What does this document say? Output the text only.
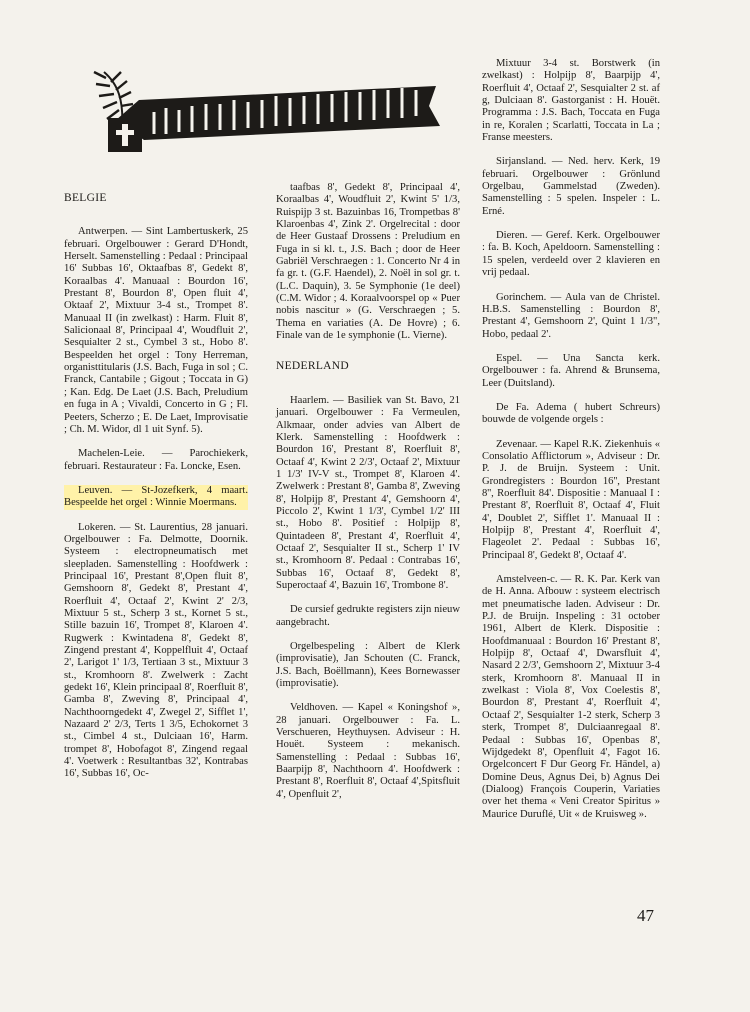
BELGIE

Antwerpen. — Sint Lambertuskerk, 25 februari. Orgelbouwer : Gerard D'Hondt, Herselt. Samenstelling : Pedaal : Principaal 16' Subbas 16', Oktaafbas 8', Gedekt 8', Koraalbas 4'. Manuaal : Bourdon 16', Prestant 8', Bourdon 8', Open fluit 4', Oktaaf 2', Mixtuur 3-4 st., Trompet 8'. Manuaal II (in zwelkast) : Harm. Fluit 8', Salicionaal 8', Principaal 4', Woudfluit 2', Sesquialter 2 st., Cymbel 3 st., Hobo 8'. Bespeelden het orgel : Tony Herreman, organisttitularis (J.S. Bach, Fuga in sol ; C. Franck, Cantabile ; Gigout ; Toccata in G) ; Kan. Edg. De Laet (J.S. Bach, Preludium en fuga in A ; Vivaldi, Concerto in G ; Fl. Peeters, Scherzo ; E. De Laet, Improvisatie ; Ch. M. Widor, dl 1 uit Synf. 5).

Machelen-Leie. — Parochiekerk, februari. Restaurateur : Fa. Loncke, Esen.

Leuven. — St-Jozefkerk, 4 maart. Bespeelde het orgel : Winnie Moermans.

Lokeren. — St. Laurentius, 28 januari. Orgelbouwer : Fa. Delmotte, Doornik. Systeem : electropneumatisch met sleepladen. Samenstelling : Hoofdwerk : Principaal 16', Prestant 8',Open fluit 8', Gemshoorn 8', Gedekt 8', Prestant 4', Roerfluit 4', Octaaf 2', Kwint 2' 2/3, Mixtuur 5 st., Scherp 3 st., Kornet 5 st., Stille bazuin 16', Trompet 8', Klaroen 4'. Rugwerk : Kwintadena 8', Gedekt 8', Zingend prestant 4', Koppelfluit 4', Octaaf 2', Larigot 1' 1/3, Tertiaan 3 st., Mixtuur 3 st., Kromhoorn 8'. Zwelwerk : Zacht gedekt 16', Klein principaal 8', Roerfluit 8', Gamba 8', Zweving 8', Principaal 4', Nachthoorngedekt 4', Zwegel 2', Sifflet 1', Nazaard 2' 2/3, Terts 1 3/5, Echokornet 3 st., Cimbel 4 st., Dulciaan 16', Harm. trompet 8', Hobofagot 8', Zingend regaal 4'. Voetwerk : Resultantbas 32', Kontrabas 16', Subbas 16', Oc-

taafbas 8', Gedekt 8', Principaal 4', Koraalbas 4', Woudfluit 2', Kwint 5' 1/3, Ruispijp 3 st. Bazuinbas 16, Trompetbas 8' Klaroenbas 4', Zink 2'. Orgelrecital : door de Heer Gustaaf Drossens : Preludium en Fuga in si kl. t., J.S. Bach ; door de Heer Gabriël Verschraegen : 1. Concerto Nr 4 in fa gr. t. (G.F. Haendel), 2. Noël in sol gr. t. (L.C. Daquin), 3. 5e Symphonie (1e deel) (C.M. Widor ; 4. Koraalvoorspel op « Puer nobis nascitur » (G. Verschraegen ; 5. Thema en variaties (A. De Hovre) ; 6. Finale van de 1e symphonie (L. Vierne).

NEDERLAND

Haarlem. — Basiliek van St. Bavo, 21 januari. Orgelbouwer : Fa Vermeulen, Alkmaar, onder advies van Albert de Klerk. Samenstelling : Hoofdwerk : Bourdon 16', Prestant 8', Roerfluit 8', Octaaf 4', Kwint 2 2/3', Octaaf 2', Mixtuur 1 1/3' IV-V st., Trompet 8', Klaroen 4'. Zwelwerk : Prestant 8', Gamba 8', Zweving 8', Holpijp 8', Prestant 4', Gemshoorn 4', Piccolo 2', Kwint 1 1/3', Cymbel 1/2' III st., Hobo 8'. Positief : Holpijp 8', Quintadeen 8', Prestant 4', Roerfluit 4', Octaaf 2', Sesquialter II st., Scherp 1' IV st., Kromhoorn 8'. Pedaal : Contrabas 16', Subbas 16', Octaaf 8', Gedekt 8', Superoctaaf 4', Bazuin 16', Trombone 8'.

De cursief gedrukte registers zijn nieuw aangebracht.

Orgelbespeling : Albert de Klerk (improvisatie), Jan Schouten (C. Franck, J.S. Bach, Boëllmann), Kees Bornewasser (improvisatie).

Veldhoven. — Kapel « Koningshof », 28 januari. Orgelbouwer : Fa. L. Verschueren, Heythuysen. Adviseur : H. Houët. Systeem : mekanisch. Samenstelling : Pedaal : Subbas 16', Baarpijp 8', Nachthoorn 4'. Hoofdwerk : Prestant 8', Roerfluit 8', Octaaf 4',Spitsfluit 4', Openfluit 2',

Mixtuur 3-4 st. Borstwerk (in zwelkast) : Holpijp 8', Baarpijp 4', Roerfluit 4', Octaaf 2', Sesquialter 2 st. af g, Dulciaan 8'. Gastorganist : H. Houët. Programma : J.S. Bach, Toccata en Fuga in re, Koralen ; Scarlatti, Toccata in La ; Franse meesters.

Sirjansland. — Ned. herv. Kerk, 19 februari. Orgelbouwer : Grönlund Orgelbau, Gammelstad (Zweden). Samenstelling : 5 spelen. Inspeler : L. Erné.

Dieren. — Geref. Kerk. Orgelbouwer : fa. B. Koch, Apeldoorn. Samenstelling : 15 spelen, verdeeld over 2 klavieren en vrij pedaal.

Gorinchem. — Aula van de Christel. H.B.S. Samenstelling : Bourdon 8', Prestant 4', Gemshoorn 2', Quint 1 1/3", Hobo, pedaal 2'.

Espel. — Una Sancta kerk. Orgelbouwer : fa. Ahrend & Brunsema, Leer (Duitsland).

De Fa. Adema ( hubert Schreurs) bouwde de volgende orgels :

Zevenaar. — Kapel R.K. Ziekenhuis « Consolatio Afflictorum », Adviseur : Dr. P. J. de Bruijn. Systeem : Unit. Grondregisters : Bourdon 16'', Prestant 8'', Roerfluit 84'. Dispositie : Manuaal I : Prestant 8', Roerfluit 8', Octaaf 4', Fluit 4', Doublet 2', Sifflet 1'. Manuaal II : Holpijp 8', Prestant 4', Roerfluit 4', Flageolet 2'. Pedaal : Subbas 16', Principaal 8', Gedekt 8', Octaaf 4'.

Amstelveen-c. — R. K. Par. Kerk van de H. Anna. Afbouw : systeem electrisch met pneumatische laden. Adviseur : Dr. P.J. de Bruijn. Inspeling : 31 october 1961, Albert de Klerk. Dispositie : Hoofdmanuaal : Bourdon 16' Prestant 8', Holpijp 8', Octaaf 4', Dwarsfluit 4', Nasard 2 2/3', Gemshoorn 2', Mixtuur 3-4 sterk, Kromhoorn 8'. Manuaal II in zwelkast : Viola 8', Vox Coelestis 8', Bourdon 8', Prestant 4', Roerfluit 4', Octaaf 2', Sesquialter 1-2 sterk, Scherp 3 sterk, Trompet 8', Dulciaanregaal 8'. Pedaal : Subbas 16', Openbas 8', Wijdgedekt 8', Openfluit 4', Fagot 16. Orgelconcert F Dur Georg Fr. Händel, a) Domine Deus, Agnus Dei, b) Agnus Dei (Dialoog) François Couperin, Variaties over het thema « Veni Creator Spiritus » Maurice Duruflé, Uit « de Kruisweg ».

47
